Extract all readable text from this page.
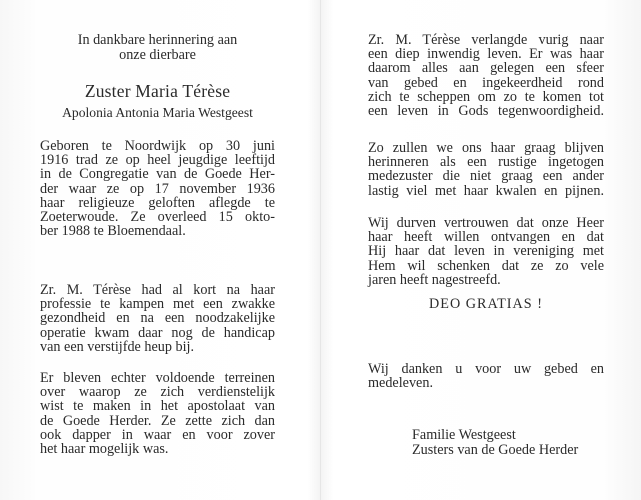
In dankbare herinnering aan
onze dierbare
Zuster Maria Térèse
Apolonia Antonia Maria Westgeest
Geboren te Noordwijk op 30 juni
1916 trad ze op heel jeugdige leeftijd
in de Congregatie van de Goede Her-
der waar ze op 17 november 1936
haar religieuze geloften aflegde te
Zoeterwoude. Ze overleed 15 okto-
ber 1988 te Bloemendaal.
Zr. M. Térèse had al kort na haar
professie te kampen met een zwakke
gezondheid en na een noodzakelijke
operatie kwam daar nog de handicap
van een verstijfde heup bij.
Er bleven echter voldoende terreinen
over waarop ze zich verdienstelijk
wist te maken in het apostolaat van
de Goede Herder. Ze zette zich dan
ook dapper in waar en voor zover
het haar mogelijk was.
Zr. M. Térèse verlangde vurig naar
een diep inwendig leven. Er was haar
daarom alles aan gelegen een sfeer
van gebed en ingekeerdheid rond
zich te scheppen om zo te komen tot
een leven in Gods tegenwoordigheid.
Zo zullen we ons haar graag blijven
herinneren als een rustige ingetogen
medezuster die niet graag een ander
lastig viel met haar kwalen en pijnen.
Wij durven vertrouwen dat onze Heer
haar heeft willen ontvangen en dat
Hij haar dat leven in vereniging met
Hem wil schenken dat ze zo vele
jaren heeft nagestreefd.
DEO GRATIAS !
Wij danken u voor uw gebed en
medeleven.
Familie Westgeest
Zusters van de Goede Herder
